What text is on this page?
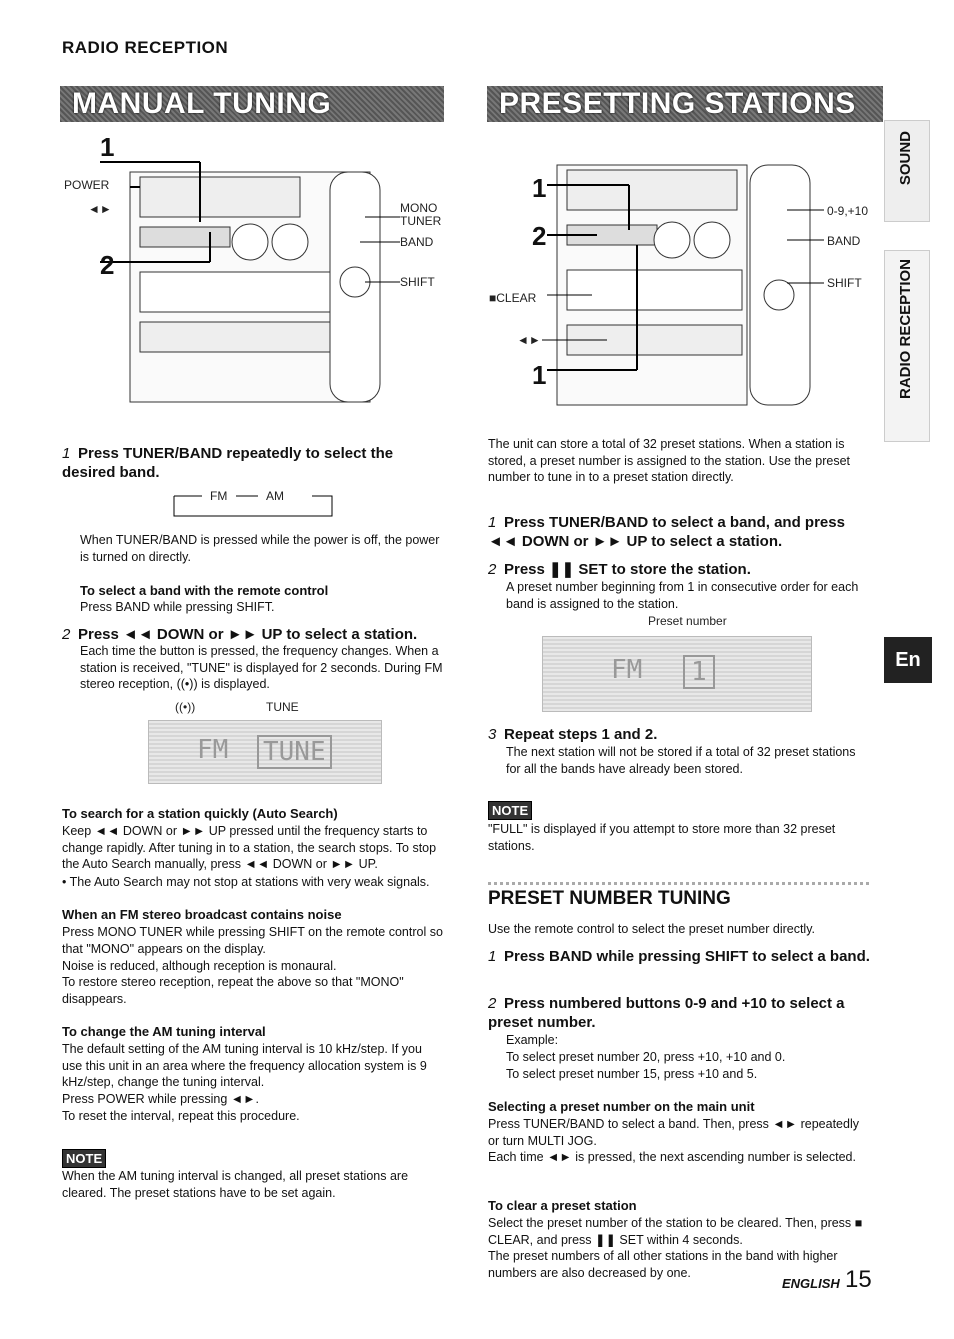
RADIO RECEPTION
MANUAL TUNING
1
2
POWER
◄►	MONO
TUNER
BAND
SHIFT
1 Press TUNER/BAND repeatedly to select the desired band.
FM	AM
When TUNER/BAND is pressed while the power is off, the power is turned on directly.
To select a band with the remote control
Press BAND while pressing SHIFT.
2 Press ◄◄ DOWN or ►► UP to select a station.
Each time the button is pressed, the frequency changes. When a station is received, "TUNE" is displayed for 2 seconds. During FM stereo reception, ((•)) is displayed.
((•))	TUNE
FM TUNE
To search for a station quickly (Auto Search)
Keep ◄◄ DOWN or ►► UP pressed until the frequency starts to change rapidly. After tuning in to a station, the search stops. To stop the Auto Search manually, press ◄◄ DOWN or ►► UP.
• The Auto Search may not stop at stations with very weak signals.
When an FM stereo broadcast contains noise
Press MONO TUNER while pressing SHIFT on the remote control so that "MONO" appears on the display.
Noise is reduced, although reception is monaural.
To restore stereo reception, repeat the above so that "MONO" disappears.
To change the AM tuning interval
The default setting of the AM tuning interval is 10 kHz/step. If you use this unit in an area where the frequency allocation system is 9 kHz/step, change the tuning interval.
Press POWER while pressing ◄►.
To reset the interval, repeat this procedure.
NOTE
When the AM tuning interval is changed, all preset stations are cleared. The preset stations have to be set again.
PRESETTING STATIONS
1
2
1
■CLEAR
◄►
0-9,+10
BAND
SHIFT
The unit can store a total of 32 preset stations. When a station is stored, a preset number is assigned to the station. Use the preset number to tune in to a preset station directly.
1 Press TUNER/BAND to select a band, and press ◄◄ DOWN or ►► UP to select a station.
2 Press ❚❚ SET to store the station.
A preset number beginning from 1 in consecutive order for each band is assigned to the station.
Preset number
FM	1
3 Repeat steps 1 and 2.
The next station will not be stored if a total of 32 preset stations for all the bands have already been stored.
NOTE
"FULL" is displayed if you attempt to store more than 32 preset stations.
PRESET NUMBER TUNING
Use the remote control to select the preset number directly.
1 Press BAND while pressing SHIFT to select a band.
2 Press numbered buttons 0-9 and +10 to select a preset number.
Example:
To select preset number 20, press +10, +10 and 0.
To select preset number 15, press +10 and 5.
Selecting a preset number on the main unit
Press TUNER/BAND to select a band. Then, press ◄► repeatedly or turn MULTI JOG.
Each time ◄► is pressed, the next ascending number is selected.
To clear a preset station
Select the preset number of the station to be cleared. Then, press ■ CLEAR, and press ❚❚ SET within 4 seconds.
The preset numbers of all other stations in the band with higher numbers are also decreased by one.
SOUND
RADIO RECEPTION
En
ENGLISH 15
